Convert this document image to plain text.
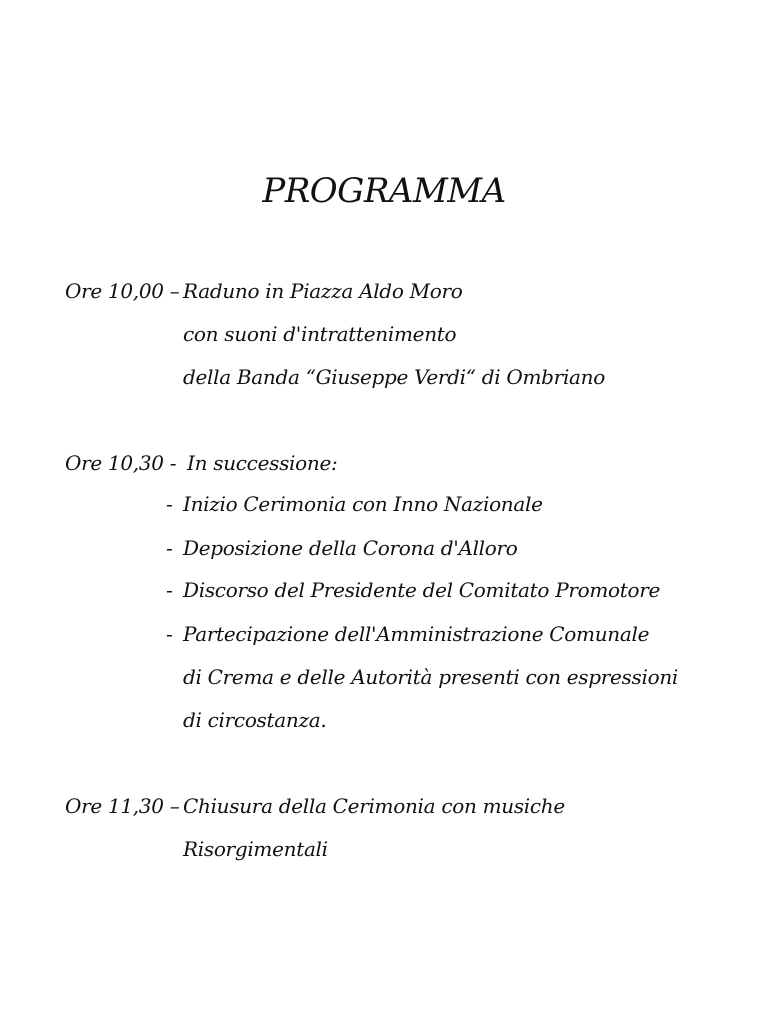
PROGRAMMA
Ore 10,00 – Raduno in Piazza Aldo Moro
con suoni d'intrattenimento
della Banda “Giuseppe Verdi“ di Ombriano
Ore 10,30 - In successione:
- Inizio Cerimonia con Inno Nazionale
- Deposizione della Corona d'Alloro
- Discorso del Presidente del Comitato Promotore
- Partecipazione dell'Amministrazione Comunale
di Crema e delle Autorità presenti con espressioni
di circostanza.
Ore 11,30 – Chiusura della Cerimonia con musiche
Risorgimentali
